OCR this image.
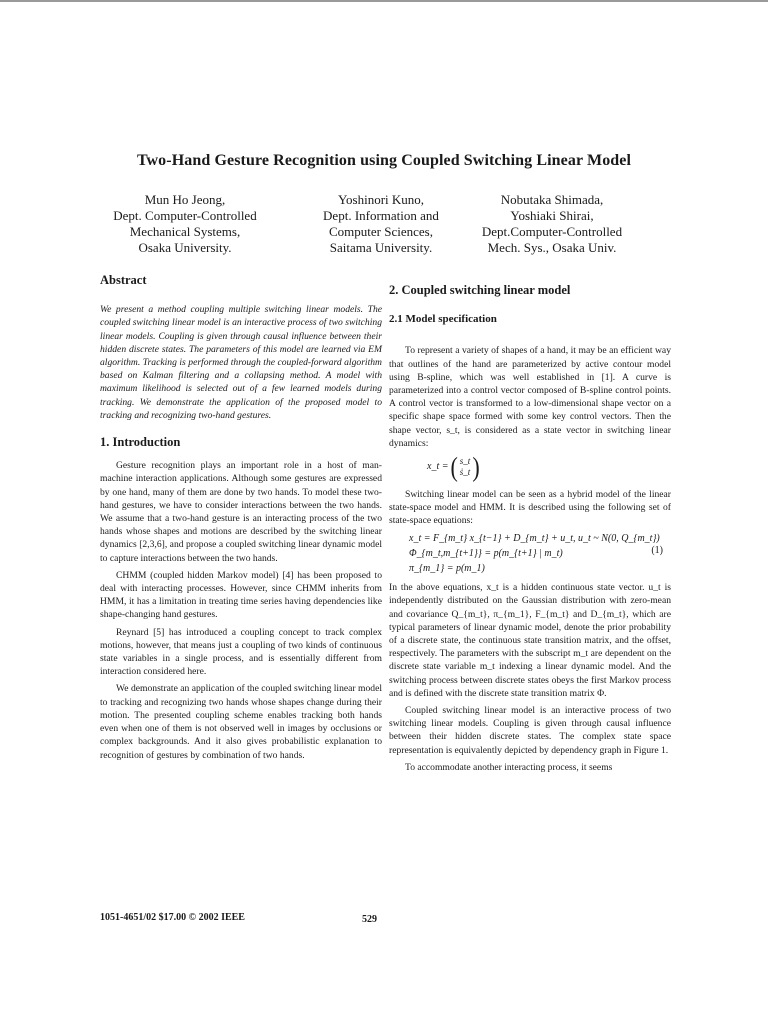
Two-Hand Gesture Recognition using Coupled Switching Linear Model
Mun Ho Jeong,
Dept. Computer-Controlled
Mechanical Systems,
Osaka University.
Yoshinori Kuno,
Dept. Information and
Computer Sciences,
Saitama University.
Nobutaka Shimada,
Yoshiaki Shirai,
Dept.Computer-Controlled
Mech. Sys., Osaka Univ.
Abstract

We present a method coupling multiple switching linear models. The coupled switching linear model is an interactive process of two switching linear models. Coupling is given through causal influence between their hidden discrete states. The parameters of this model are learned via EM algorithm. Tracking is performed through the coupled-forward algorithm based on Kalman filtering and a collapsing method. A model with maximum likelihood is selected out of a few learned models during tracking. We demonstrate the application of the proposed model to tracking and recognizing two-hand gestures.

1. Introduction

Gesture recognition plays an important role in a host of man-machine interaction applications. Although some gestures are expressed by one hand, many of them are done by two hands. To model these two-hand gestures, we have to consider interactions between the two hands. We assume that a two-hand gesture is an interacting process of the two hands whose shapes and motions are described by the switching linear dynamics [2,3,6], and propose a coupled switching linear dynamic model to capture interactions between the two hands.

CHMM (coupled hidden Markov model) [4] has been proposed to deal with interacting processes. However, since CHMM inherits from HMM, it has a limitation in treating time series having dependencies like shape-changing hand gestures.

Reynard [5] has introduced a coupling concept to track complex motions, however, that means just a coupling of two kinds of continuous state variables in a single process, and is essentially different from interaction considered here.

We demonstrate an application of the coupled switching linear model to tracking and recognizing two hands whose shapes change during their motion. The presented coupling scheme enables tracking both hands even when one of them is not observed well in images by occlusions or complex backgrounds. And it also gives probabilistic explanation to recognition of gestures by combination of two hands.

2. Coupled switching linear model
2.1 Model specification

To represent a variety of shapes of a hand, it may be an efficient way that outlines of the hand are parameterized by active contour model using B-spline, which was well established in [1]. A curve is parameterized into a control vector composed of B-spline control points. A control vector is transformed to a low-dimensional shape vector on a specific shape space formed with some key control vectors. Then the shape vector, s_t, is considered as a state vector in switching linear dynamics:

x_t = ( s_t
ṡ_t )

Switching linear model can be seen as a hybrid model of the linear state-space model and HMM. It is described using the following set of state-space equations:

x_t = F_{m_t} x_{t−1} + D_{m_t} + u_t, u_t ~ N(0, Q_{m_t})
Φ_{m_t,m_{t+1}} = p(m_{t+1} | m_t)
π_{m_1} = p(m_1)
(1)

In the above equations, x_t is a hidden continuous state vector. u_t is independently distributed on the Gaussian distribution with zero-mean and covariance Q_{m_t}, π_{m_1}, F_{m_t} and D_{m_t}, which are typical parameters of linear dynamic model, denote the prior probability of a discrete state, the continuous state transition matrix, and the offset, respectively. The parameters with the subscript m_t are dependent on the discrete state variable m_t indexing a linear dynamic model. And the switching process between discrete states obeys the first Markov process and is defined with the discrete state transition matrix Φ.

Coupled switching linear model is an interactive process of two switching linear models. Coupling is given through causal influence between their hidden discrete states. The complex state space representation is equivalently depicted by dependency graph in Figure 1.

To accommodate another interacting process, it seems

1051-4651/02 $17.00 © 2002 IEEE	529
